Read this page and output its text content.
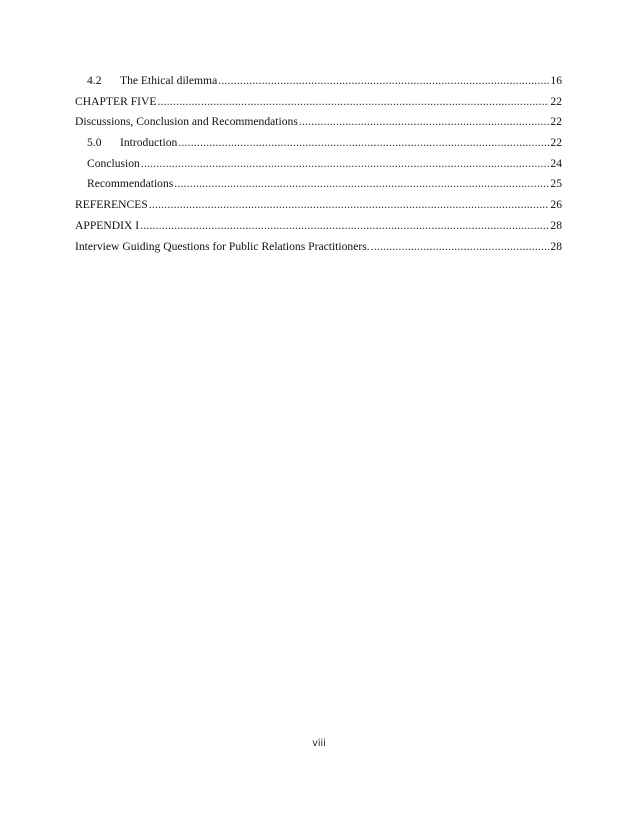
4.2	The Ethical dilemma .....	16
CHAPTER FIVE .....	22
Discussions, Conclusion and Recommendations .....	22
5.0	Introduction .....	22
Conclusion .....	24
Recommendations .....	25
REFERENCES .....	26
APPENDIX I .....	28
Interview Guiding Questions for Public Relations Practitioners. .....	28
viii
